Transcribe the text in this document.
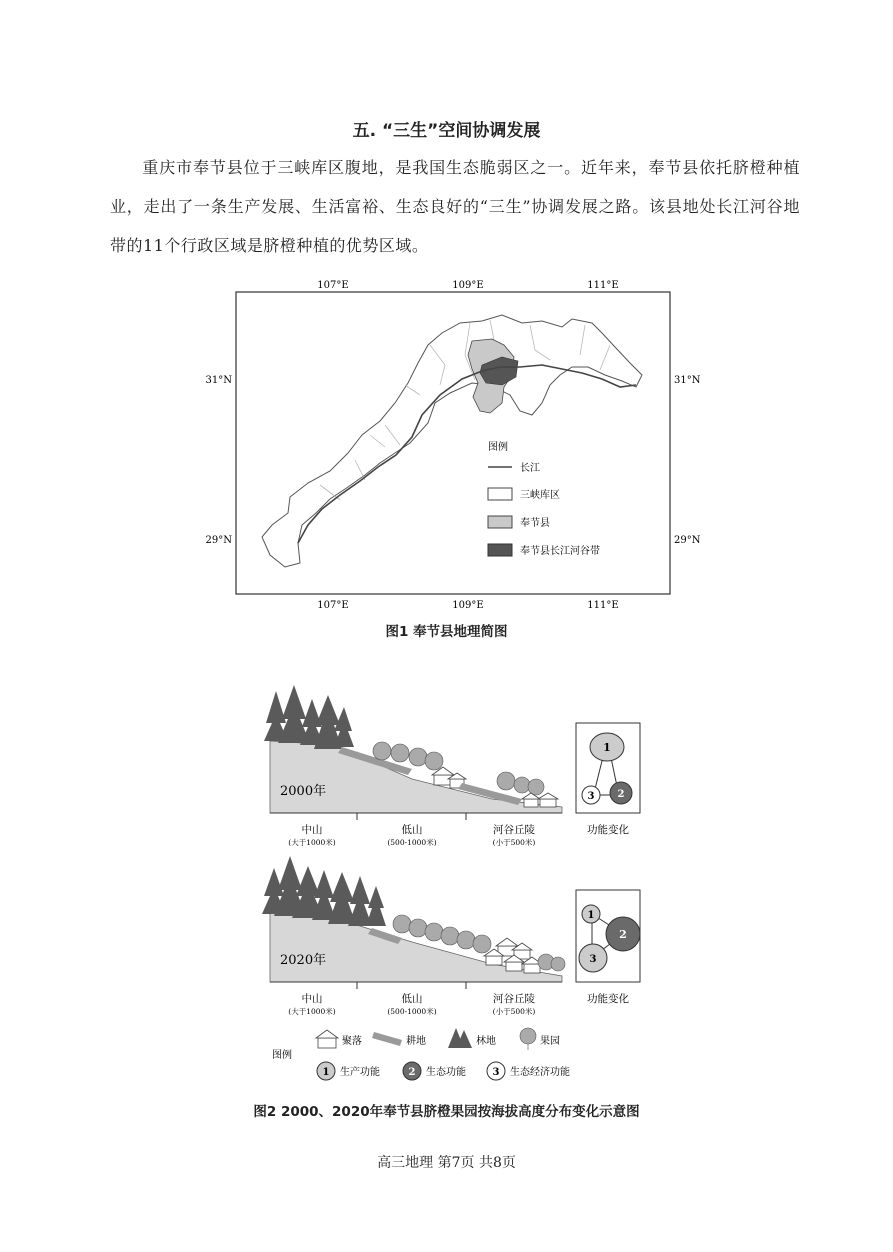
五. “三生”空间协调发展
重庆市奉节县位于三峡库区腹地，是我国生态脆弱区之一。近年来，奉节县依托脐橙种植业，走出了一条生产发展、生活富裕、生态良好的“三生”协调发展之路。该县地处长江河谷地带的11个行政区域是脐橙种植的优势区域。
107°E	109°E	111°E
107°E	109°E	111°E
31°N
29°N
31°N
29°N
图例
长江
三峡库区
奉节县
奉节县长江河谷带
图1 奉节县地理简图
2000年
1
3 2
中山
(大于1000米)
低山
(500-1000米)
河谷丘陵
(小于500米)
功能变化
2020年
1
2
3
中山
(大于1000米)
低山
(500-1000米)
河谷丘陵
(小于500米)
功能变化
聚落	耕地	林地	果园
图例
1 生产功能	2 生态功能	3 生态经济功能
图2 2000、2020年奉节县脐橙果园按海拔高度分布变化示意图
高三地理 第7页 共8页
